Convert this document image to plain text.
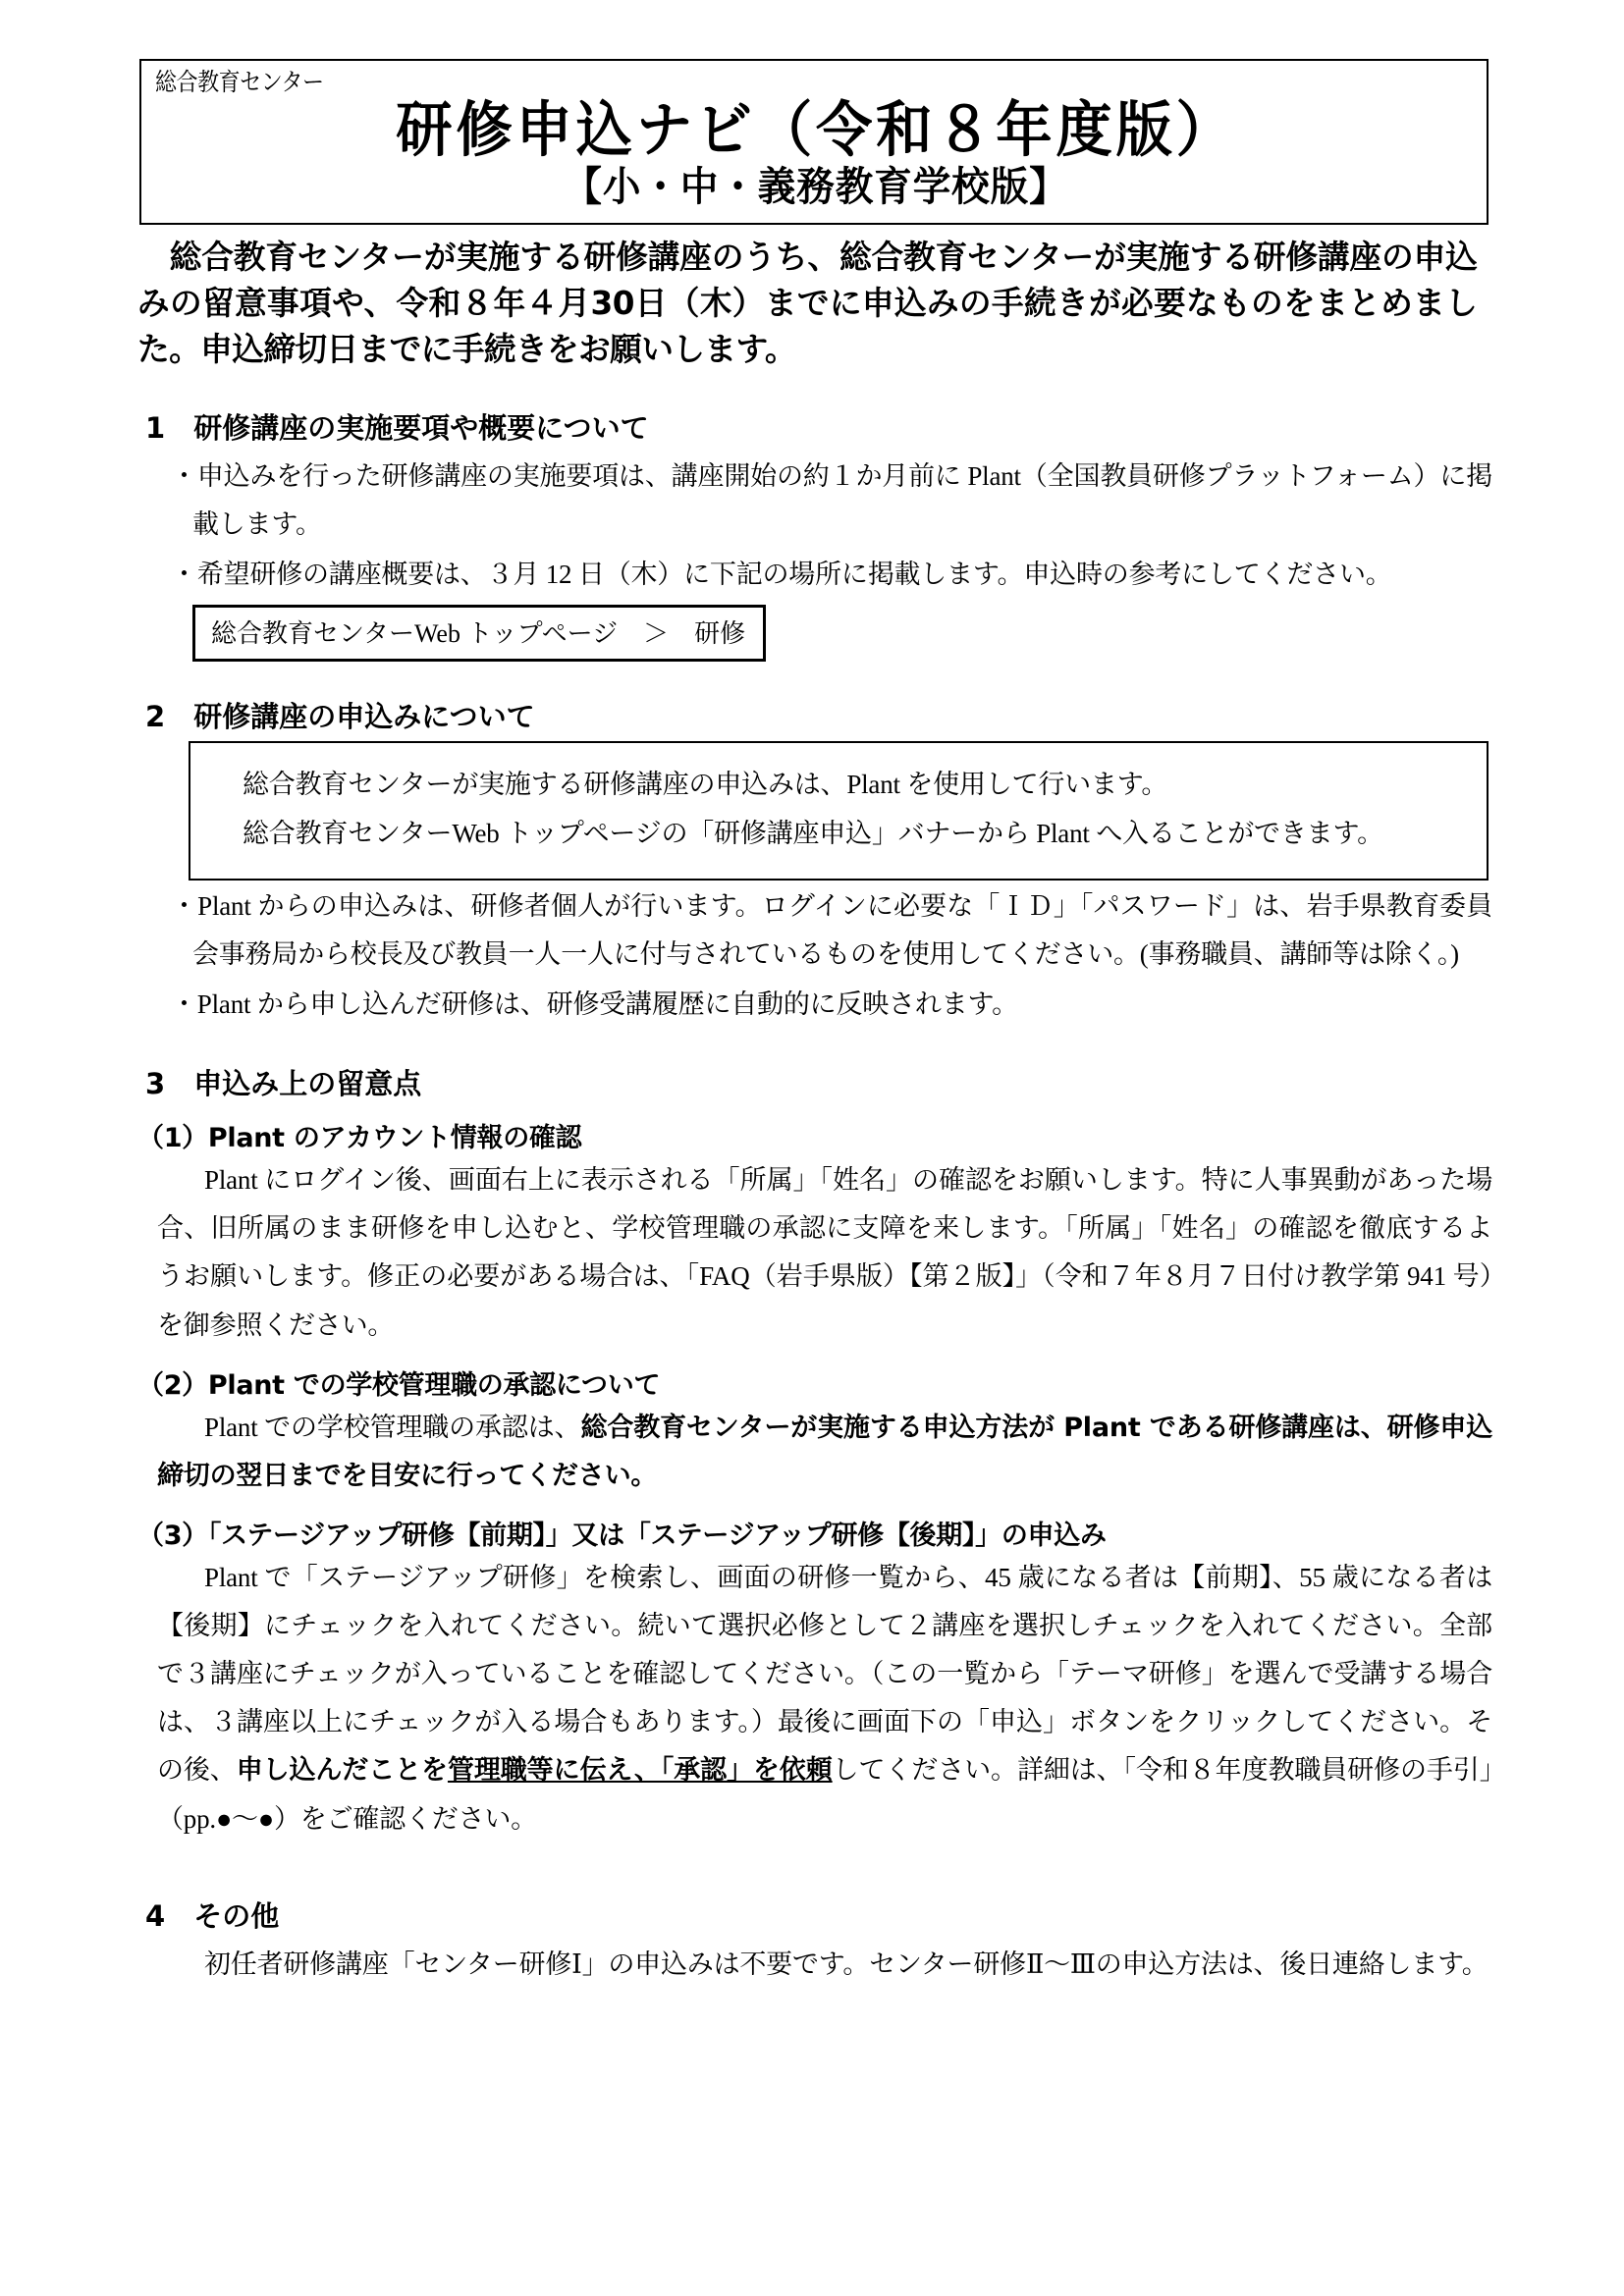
総合教育センター
研修申込ナビ（令和８年度版）
【小・中・義務教育学校版】
総合教育センターが実施する研修講座のうち、総合教育センターが実施する研修講座の申込みの留意事項や、令和８年４月30日（木）までに申込みの手続きが必要なものをまとめました。申込締切日までに手続きをお願いします。
1　 研修講座の実施要項や概要について
・申込みを行った研修講座の実施要項は、講座開始の約１か月前に Plant（全国教員研修プラットフォーム）に掲載します。
・希望研修の講座概要は、３月 12 日（木）に下記の場所に掲載します。申込時の参考にしてください。
総合教育センターWeb トップページ　＞　研修
2　 研修講座の申込みについて

総合教育センターが実施する研修講座の申込みは、Plant を使用して行います。

総合教育センターWeb トップページの「研修講座申込」バナーから Plant へ入ることができます。

・Plant からの申込みは、研修者個人が行います。ログインに必要な「ＩＤ」「パスワード」は、岩手県教育委員会事務局から校長及び教員一人一人に付与されているものを使用してください。(事務職員、講師等は除く。)
・Plant から申し込んだ研修は、研修受講履歴に自動的に反映されます。
3　 申込み上の留意点
（1）Plant のアカウント情報の確認
Plant にログイン後、画面右上に表示される「所属」「姓名」の確認をお願いします。特に人事異動があった場合、旧所属のまま研修を申し込むと、学校管理職の承認に支障を来します。「所属」「姓名」の確認を徹底するようお願いします。修正の必要がある場合は、「FAQ（岩手県版）【第２版】」（令和７年８月７日付け教学第 941 号）を御参照ください。
（2）Plant での学校管理職の承認について
Plant での学校管理職の承認は、総合教育センターが実施する申込方法が Plant である研修講座は、研修申込締切の翌日までを目安に行ってください。
（3）「ステージアップ研修【前期】」又は「ステージアップ研修【後期】」の申込み
Plant で「ステージアップ研修」を検索し、画面の研修一覧から、45 歳になる者は【前期】、55 歳になる者は【後期】にチェックを入れてください。続いて選択必修として２講座を選択しチェックを入れてください。全部で３講座にチェックが入っていることを確認してください。（この一覧から「テーマ研修」を選んで受講する場合は、３講座以上にチェックが入る場合もあります。）最後に画面下の「申込」ボタンをクリックしてください。その後、申し込んだことを管理職等に伝え、「承認」を依頼してください。詳細は、「令和８年度教職員研修の手引」（pp.●～●）をご確認ください。
4　 その他
初任者研修講座「センター研修Ⅰ」の申込みは不要です。センター研修Ⅱ～Ⅲの申込方法は、後日連絡します。
